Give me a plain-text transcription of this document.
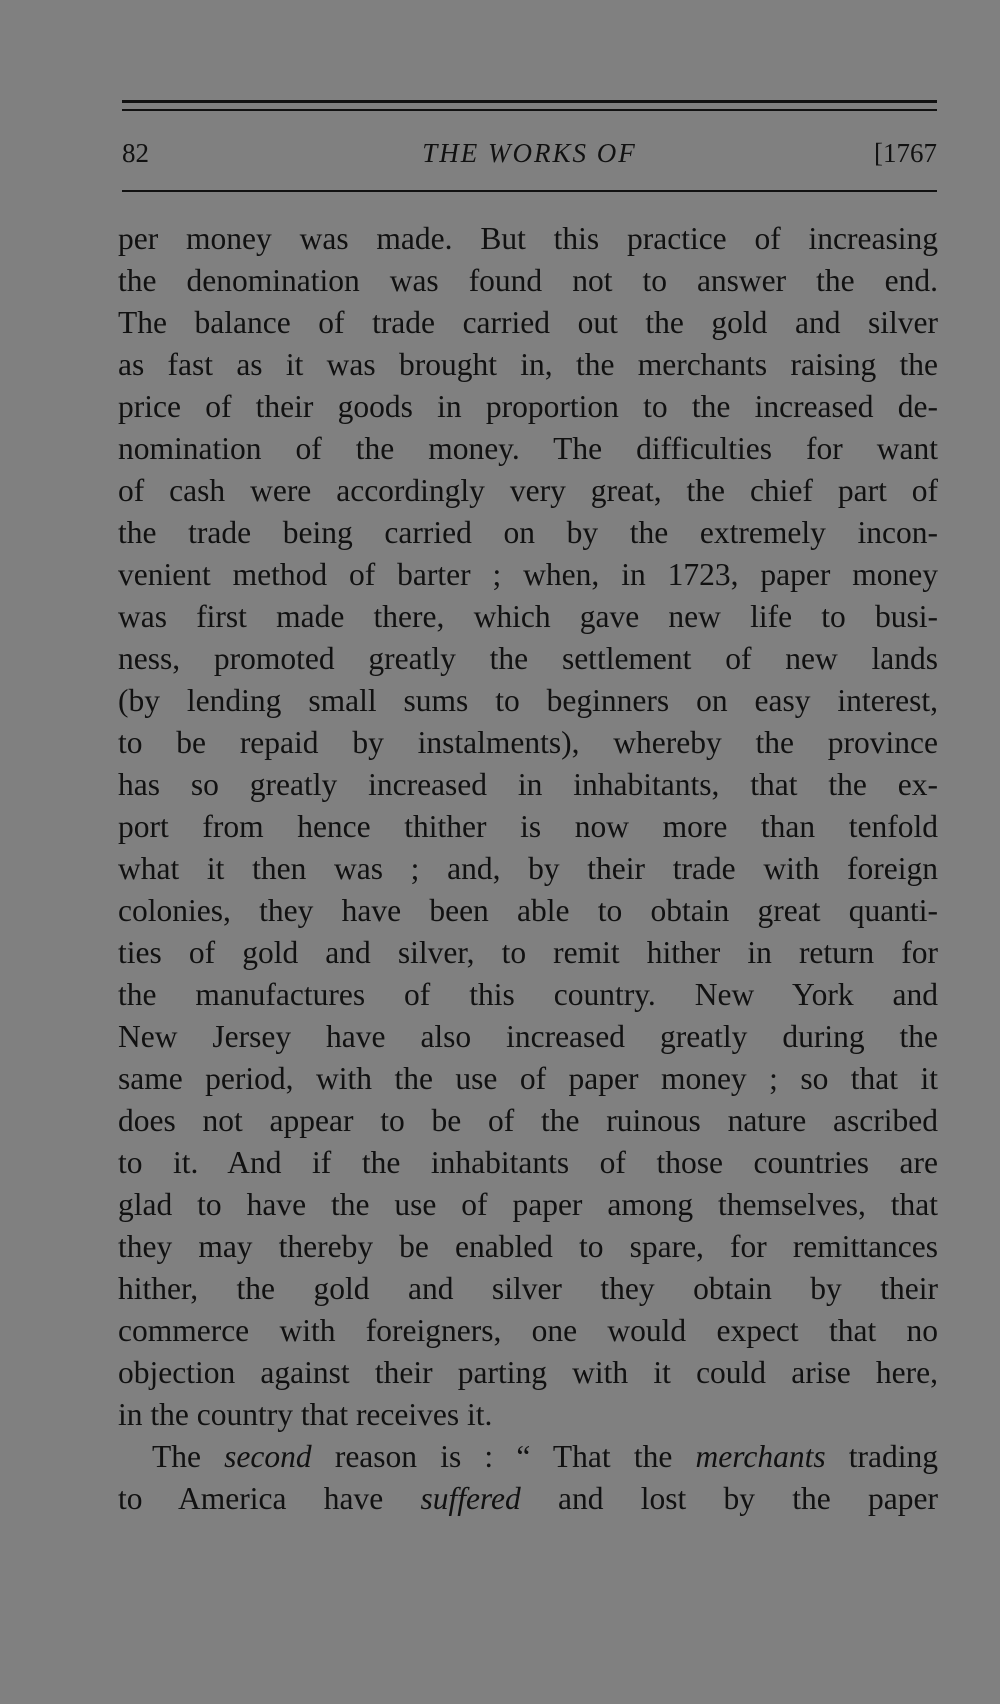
82	THE WORKS OF	[1767
per money was made. But this practice of increasing
the denomination was found not to answer the end.
The balance of trade carried out the gold and silver
as fast as it was brought in, the merchants raising the
price of their goods in proportion to the increased de-
nomination of the money. The difficulties for want
of cash were accordingly very great, the chief part of
the trade being carried on by the extremely incon-
venient method of barter ; when, in 1723, paper money
was first made there, which gave new life to busi-
ness, promoted greatly the settlement of new lands
(by lending small sums to beginners on easy interest,
to be repaid by instalments), whereby the province
has so greatly increased in inhabitants, that the ex-
port from hence thither is now more than tenfold
what it then was ; and, by their trade with foreign
colonies, they have been able to obtain great quanti-
ties of gold and silver, to remit hither in return for
the manufactures of this country. New York and
New Jersey have also increased greatly during the
same period, with the use of paper money ; so that it
does not appear to be of the ruinous nature ascribed
to it. And if the inhabitants of those countries are
glad to have the use of paper among themselves, that
they may thereby be enabled to spare, for remittances
hither, the gold and silver they obtain by their
commerce with foreigners, one would expect that no
objection against their parting with it could arise here,
in the country that receives it.
The second reason is : “ That the merchants trading
to America have suffered and lost by the paper
